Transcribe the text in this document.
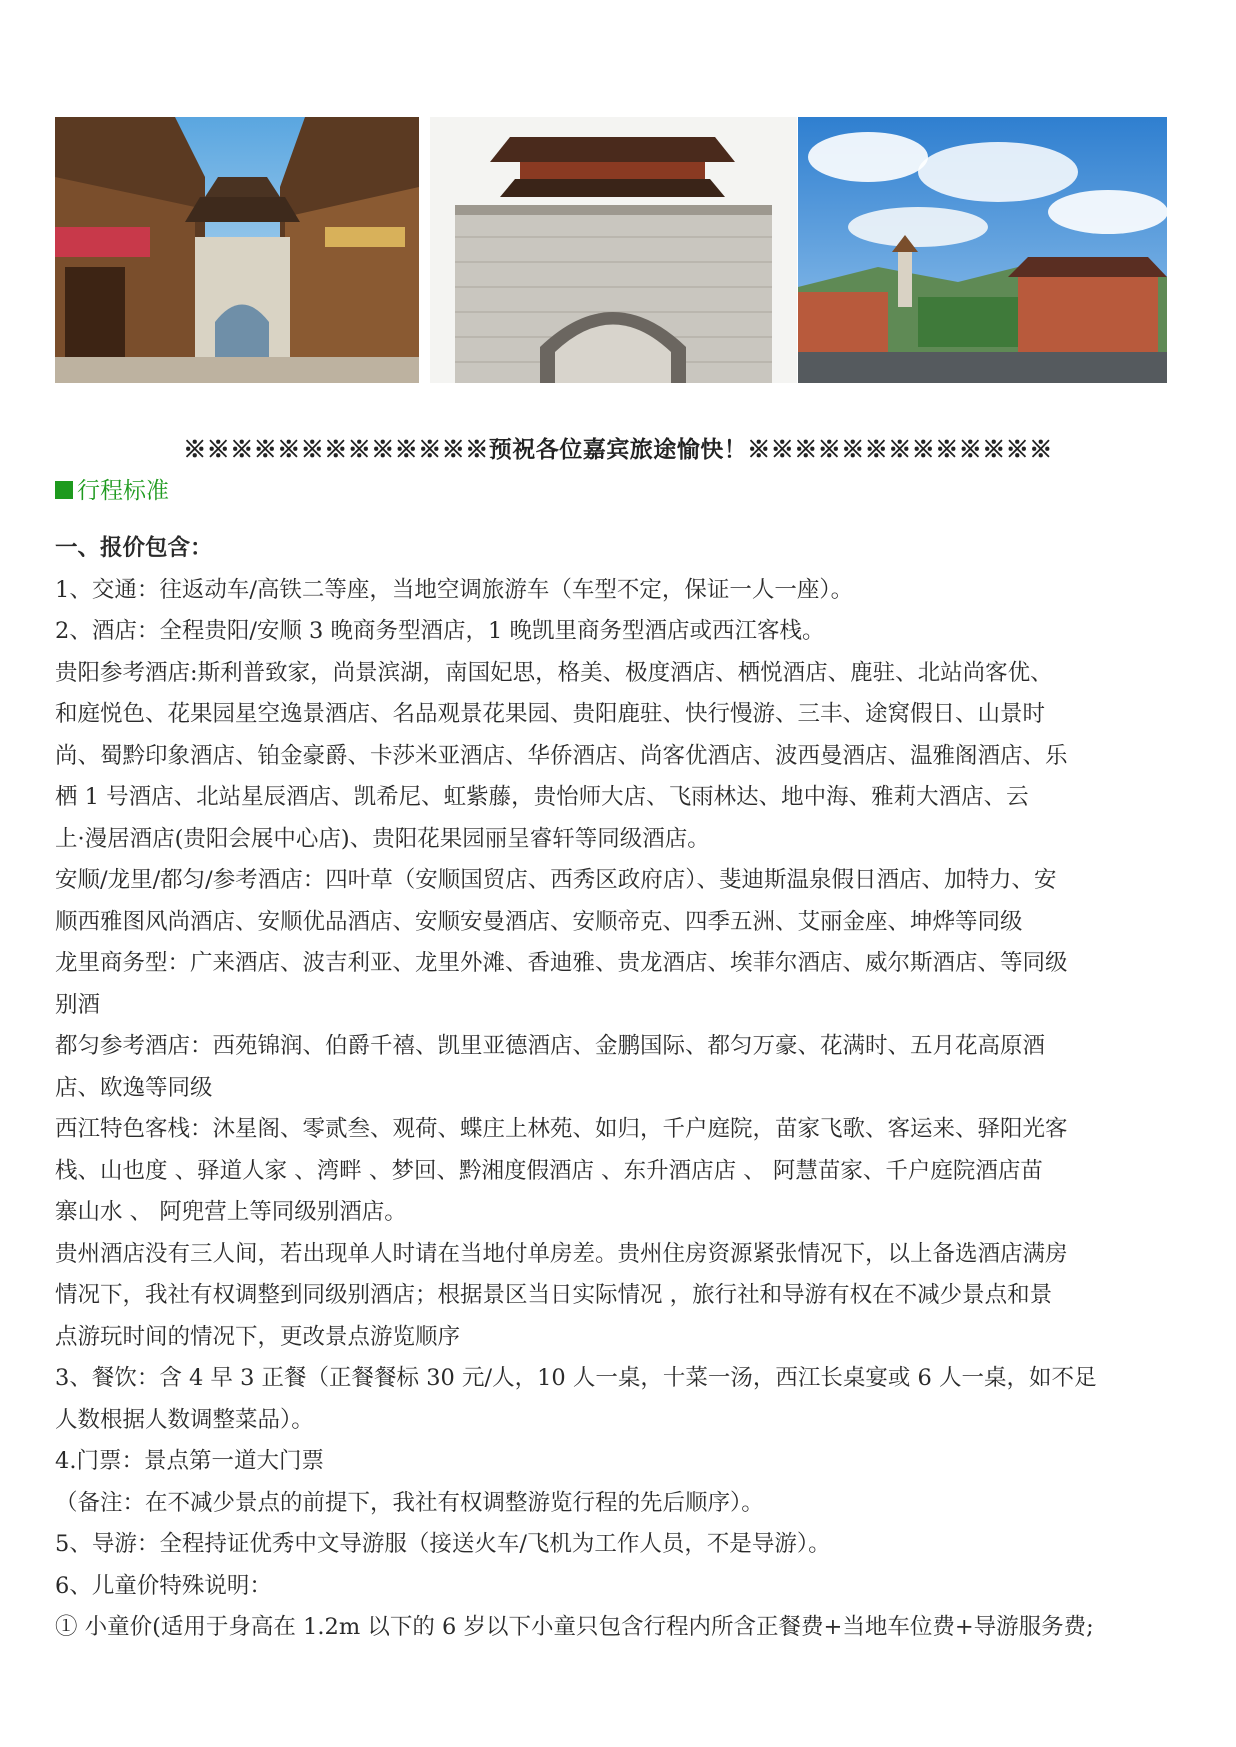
※※※※※※※※※※※※※预祝各位嘉宾旅途愉快！※※※※※※※※※※※※※
行程标准
一、报价包含：
1、交通：往返动车/高铁二等座，当地空调旅游车（车型不定，保证一人一座）。
2、酒店：全程贵阳/安顺 3 晚商务型酒店，1 晚凯里商务型酒店或西江客栈。
贵阳参考酒店:斯利普致家，尚景滨湖，南国妃思，格美、极度酒店、栖悦酒店、鹿驻、北站尚客优、
和庭悦色、花果园星空逸景酒店、名品观景花果园、贵阳鹿驻、快行慢游、三丰、途窝假日、山景时
尚、蜀黔印象酒店、铂金豪爵、卡莎米亚酒店、华侨酒店、尚客优酒店、波西曼酒店、温雅阁酒店、乐
栖 1 号酒店、北站星辰酒店、凯希尼、虹紫藤，贵怡师大店、飞雨林达、地中海、雅莉大酒店、云
上·漫居酒店(贵阳会展中心店)、贵阳花果园丽呈睿轩等同级酒店。
安顺/龙里/都匀/参考酒店：四叶草（安顺国贸店、西秀区政府店）、斐迪斯温泉假日酒店、加特力、安
顺西雅图风尚酒店、安顺优品酒店、安顺安曼酒店、安顺帝克、四季五洲、艾丽金座、坤烨等同级
龙里商务型：广来酒店、波吉利亚、龙里外滩、香迪雅、贵龙酒店、埃菲尔酒店、威尔斯酒店、等同级
别酒
都匀参考酒店：西苑锦润、伯爵千禧、凯里亚德酒店、金鹏国际、都匀万豪、花满时、五月花高原酒
店、欧逸等同级
西江特色客栈：沐星阁、零贰叁、观荷、蝶庄上林苑、如归，千户庭院，苗家飞歌、客运来、驿阳光客
栈、山也度 、驿道人家 、湾畔 、梦回、黔湘度假酒店 、东升酒店店 、 阿慧苗家、千户庭院酒店苗
寨山水 、 阿兜营上等同级别酒店。
贵州酒店没有三人间，若出现单人时请在当地付单房差。贵州住房资源紧张情况下，以上备选酒店满房
情况下，我社有权调整到同级别酒店；根据景区当日实际情况 ，旅行社和导游有权在不减少景点和景
点游玩时间的情况下，更改景点游览顺序
3、餐饮：含 4 早 3 正餐（正餐餐标 30 元/人，10 人一桌，十菜一汤，西江长桌宴或 6 人一桌，如不足
人数根据人数调整菜品）。
4.门票：景点第一道大门票
（备注：在不减少景点的前提下，我社有权调整游览行程的先后顺序）。
5、导游：全程持证优秀中文导游服（接送火车/飞机为工作人员，不是导游）。
6、儿童价特殊说明：
① 小童价(适用于身高在 1.2m 以下的 6 岁以下小童只包含行程内所含正餐费+当地车位费+导游服务费;
